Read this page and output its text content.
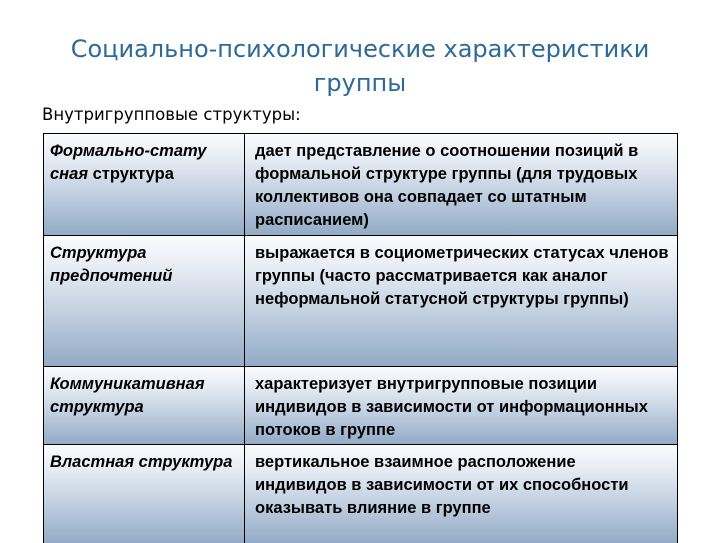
Социально-психологические характеристики
группы

Внутригрупповые структуры:

Формально-стату сная структура
дает представление о соотношении позиций в формальной структуре группы (для трудовых коллективов она совпадает со штатным расписанием)
Структура предпочтений
выражается в социометрических статусах членов группы (часто рассматривается как аналог неформальной статусной структуры группы)
Коммуникативная структура
характеризует внутригрупповые позиции индивидов в зависимости от информационных потоков в группе
Властная структура	вертикальное взаимное расположение индивидов в зависимости от их способности оказывать влияние в группе
